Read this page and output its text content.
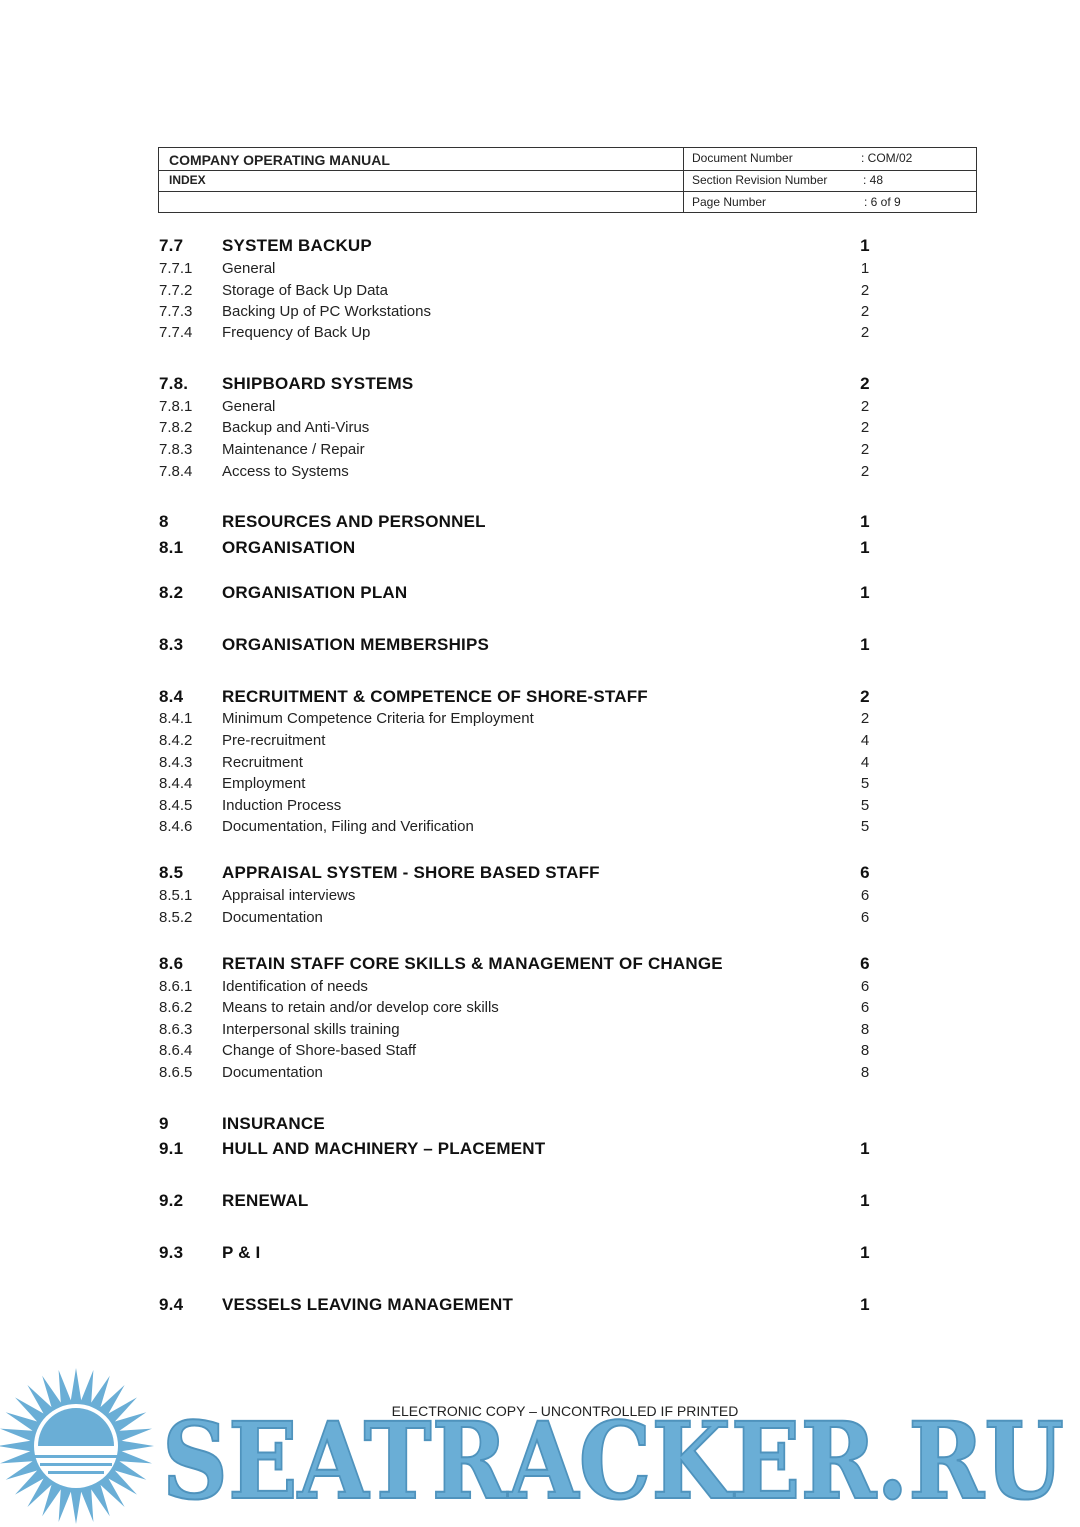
COMPANY OPERATING MANUAL
INDEX
Document Number	: COM/02
Section Revision Number	: 48
Page Number	: 6 of 9
7.7 SYSTEM BACKUP	1
7.7.1 General	1
7.7.2 Storage of Back Up Data	2
7.7.3 Backing Up of PC Workstations	2
7.7.4 Frequency of Back Up	2
7.8. SHIPBOARD SYSTEMS	2
7.8.1 General	2
7.8.2 Backup and Anti-Virus	2
7.8.3 Maintenance / Repair	2
7.8.4 Access to Systems	2
8	RESOURCES AND PERSONNEL	1
8.1 ORGANISATION	1
8.2 ORGANISATION PLAN	1
8.3 ORGANISATION MEMBERSHIPS	1
8.4 RECRUITMENT & COMPETENCE OF SHORE-STAFF	2
8.4.1 Minimum Competence Criteria for Employment	2
8.4.2 Pre-recruitment	4
8.4.3 Recruitment	4
8.4.4 Employment	5
8.4.5 Induction Process	5
8.4.6 Documentation, Filing and Verification	5
8.5 APPRAISAL SYSTEM - SHORE BASED STAFF	6
8.5.1 Appraisal interviews	6
8.5.2 Documentation	6
8.6 RETAIN STAFF CORE SKILLS & MANAGEMENT OF CHANGE	6
8.6.1 Identification of needs	6
8.6.2 Means to retain and/or develop core skills	6
8.6.3 Interpersonal skills training	8
8.6.4 Change of Shore-based Staff	8
8.6.5 Documentation	8
9	INSURANCE
9.1 HULL AND MACHINERY – PLACEMENT	1
9.2 RENEWAL	1
9.3 P & I	1
9.4 VESSELS LEAVING MANAGEMENT	1
SEATRACKER.RU
ELECTRONIC COPY – UNCONTROLLED IF PRINTED
